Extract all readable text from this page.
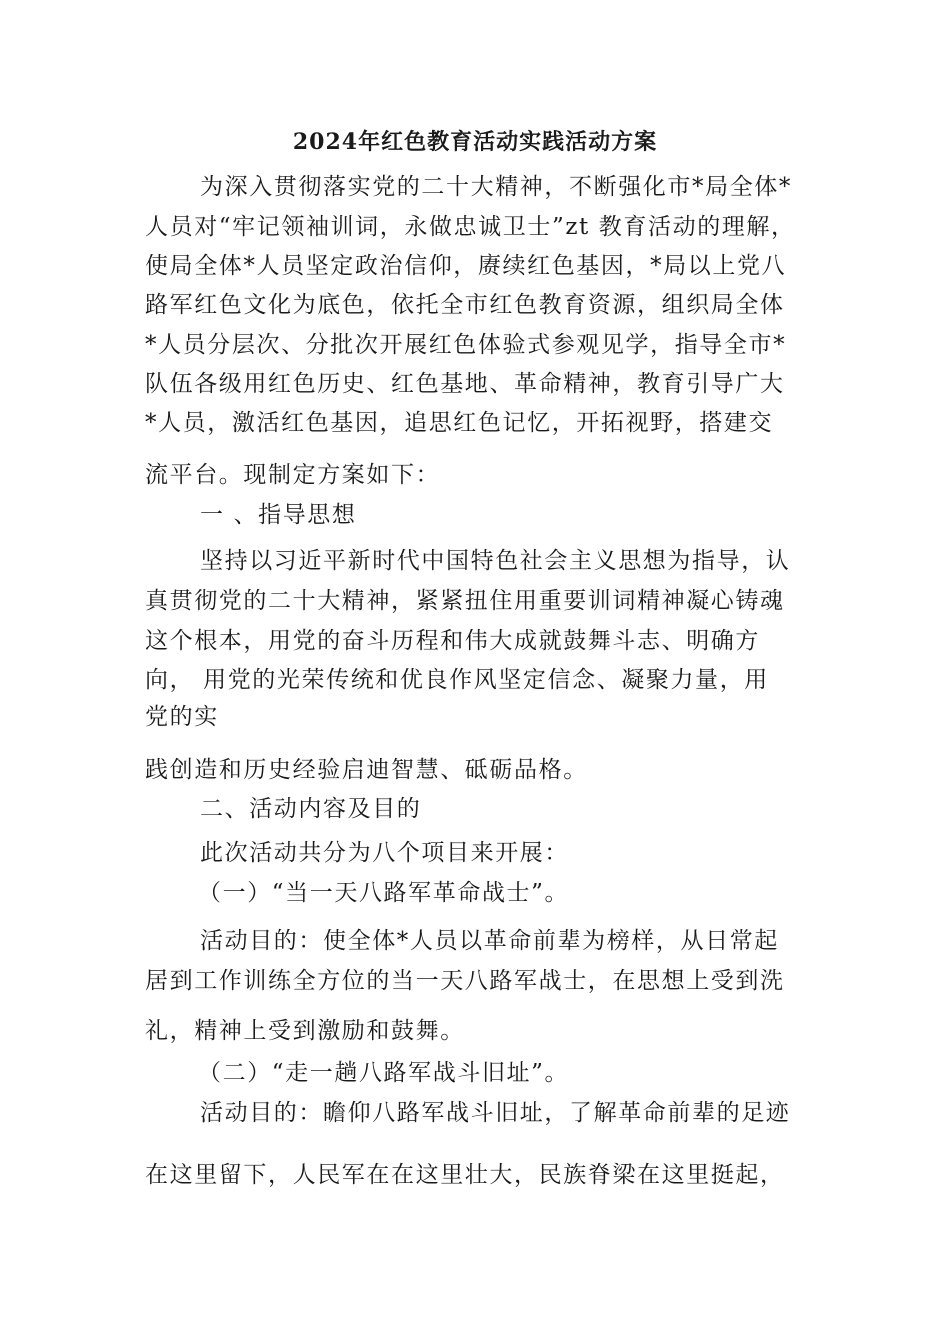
2024年红色教育活动实践活动方案
为深入贯彻落实党的二十大精神，不断强化市*局全体*
人员对“牢记领袖训词，永做忠诚卫士”zt 教育活动的理解，
使局全体*人员坚定政治信仰，赓续红色基因，*局以上党八
路军红色文化为底色，依托全市红色教育资源，组织局全体
*人员分层次、分批次开展红色体验式参观见学，指导全市*
队伍各级用红色历史、红色基地、革命精神，教育引导广大
*人员，激活红色基因，追思红色记忆，开拓视野，搭建交
流平台。现制定方案如下：
一 、指导思想
坚持以习近平新时代中国特色社会主义思想为指导，认
真贯彻党的二十大精神，紧紧扭住用重要训词精神凝心铸魂
这个根本，用党的奋斗历程和伟大成就鼓舞斗志、明确方
向， 用党的光荣传统和优良作风坚定信念、凝聚力量，用
党的实
践创造和历史经验启迪智慧、砥砺品格。
二、活动内容及目的
此次活动共分为八个项目来开展：
（一）“当一天八路军革命战士”。
活动目的：使全体*人员以革命前辈为榜样，从日常起
居到工作训练全方位的当一天八路军战士，在思想上受到洗
礼，精神上受到激励和鼓舞。
（二）“走一趟八路军战斗旧址”。
活动目的：瞻仰八路军战斗旧址，了解革命前辈的足迹
在这里留下，人民军在在这里壮大，民族脊梁在这里挺起，
